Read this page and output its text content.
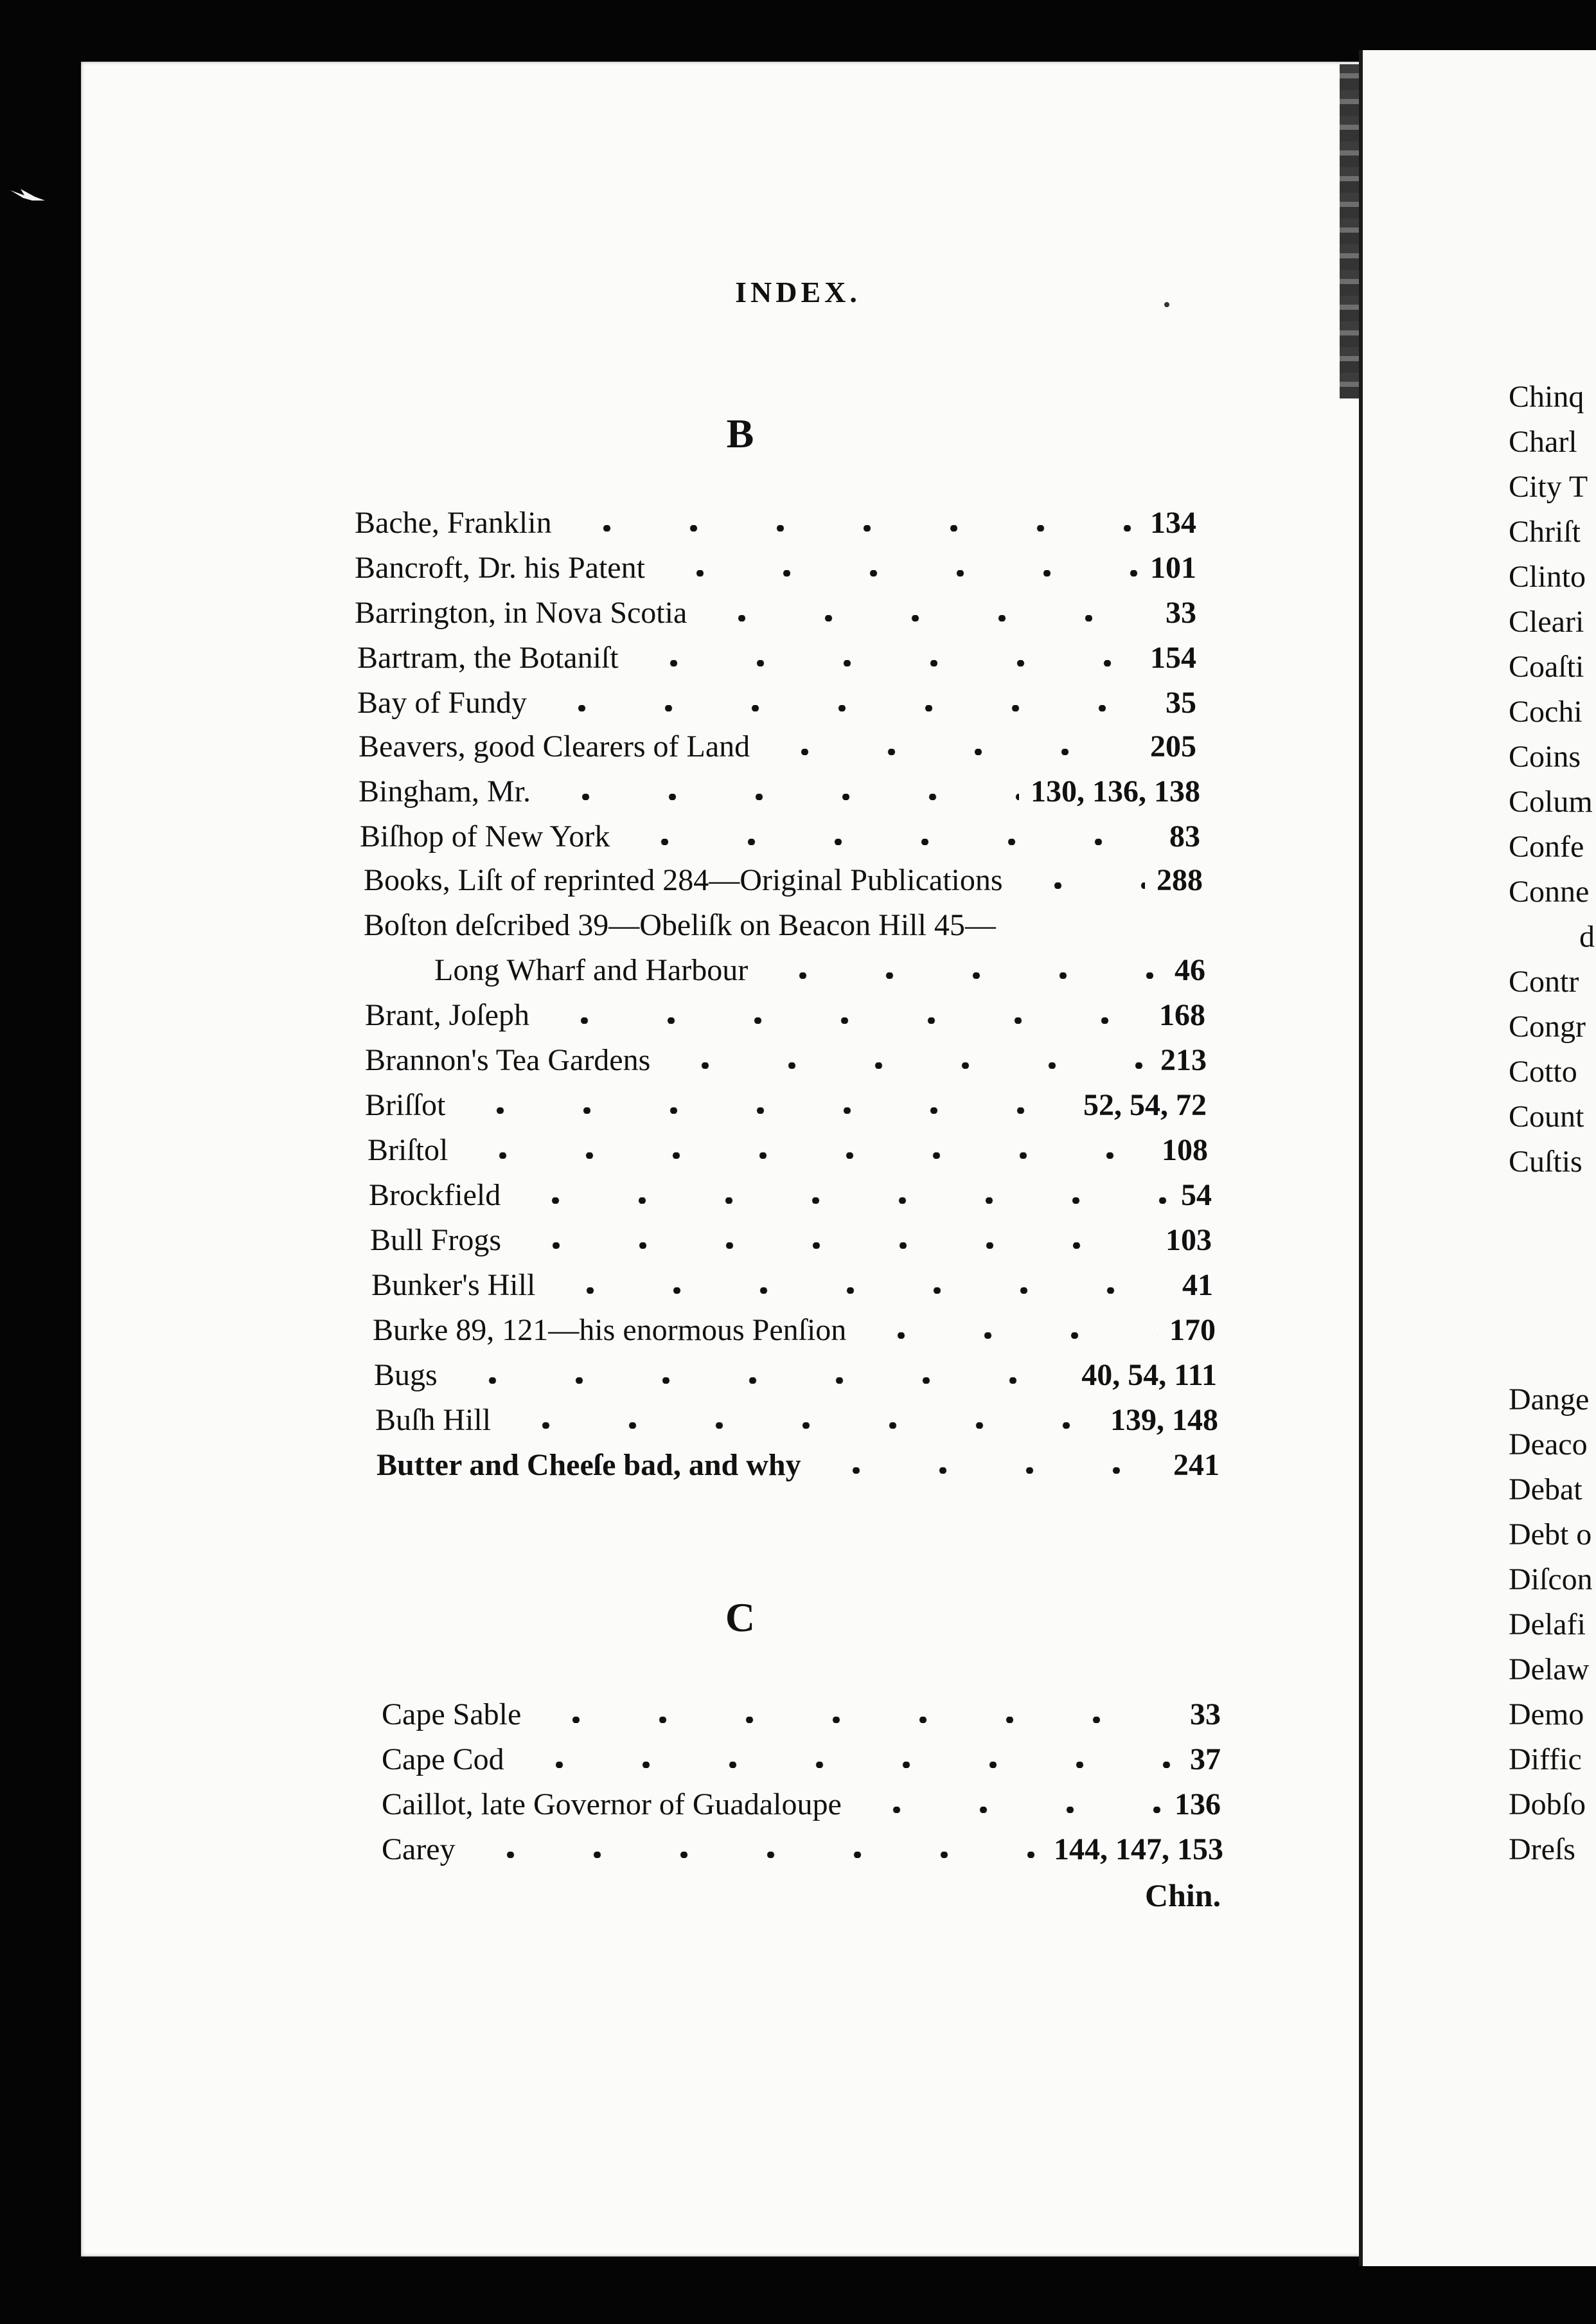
INDEX.
B
Bache, Franklin	134
Bancroft, Dr. his Patent	101
Barrington, in Nova Scotia	33
Bartram, the Botaniſt	154
Bay of Fundy	35
Beavers, good Clearers of Land	205
Bingham, Mr.	130, 136, 138
Biſhop of New York	83
Books, Liſt of reprinted 284—Original Publications	288
Boſton deſcribed 39—Obeliſk on Beacon Hill 45—
Long Wharf and Harbour	46
Brant, Joſeph	168
Brannon's Tea Gardens	213
Briſſot	52, 54, 72
Briſtol	108
Brockfield	54
Bull Frogs	103
Bunker's Hill	41
Burke 89, 121—his enormous Penſion	170
Bugs	40, 54, 111
Buſh Hill	139, 148
Butter and Cheeſe bad, and why	241
C
Cape Sable	33
Cape Cod	37
Caillot, late Governor of Guadaloupe	136
Carey	144, 147, 153
Chin.
Chinq
Charl
City T
Chriſt
Clinto
Cleari
Coaſti
Cochi
Coins
Colum
Confe
Conne
d
Contr
Congr
Cotto
Count
Cuſtis
Dange
Deaco
Debat
Debt o
Diſcon
Delafi
Delaw
Demo
Diffic
Dobſo
Dreſs
